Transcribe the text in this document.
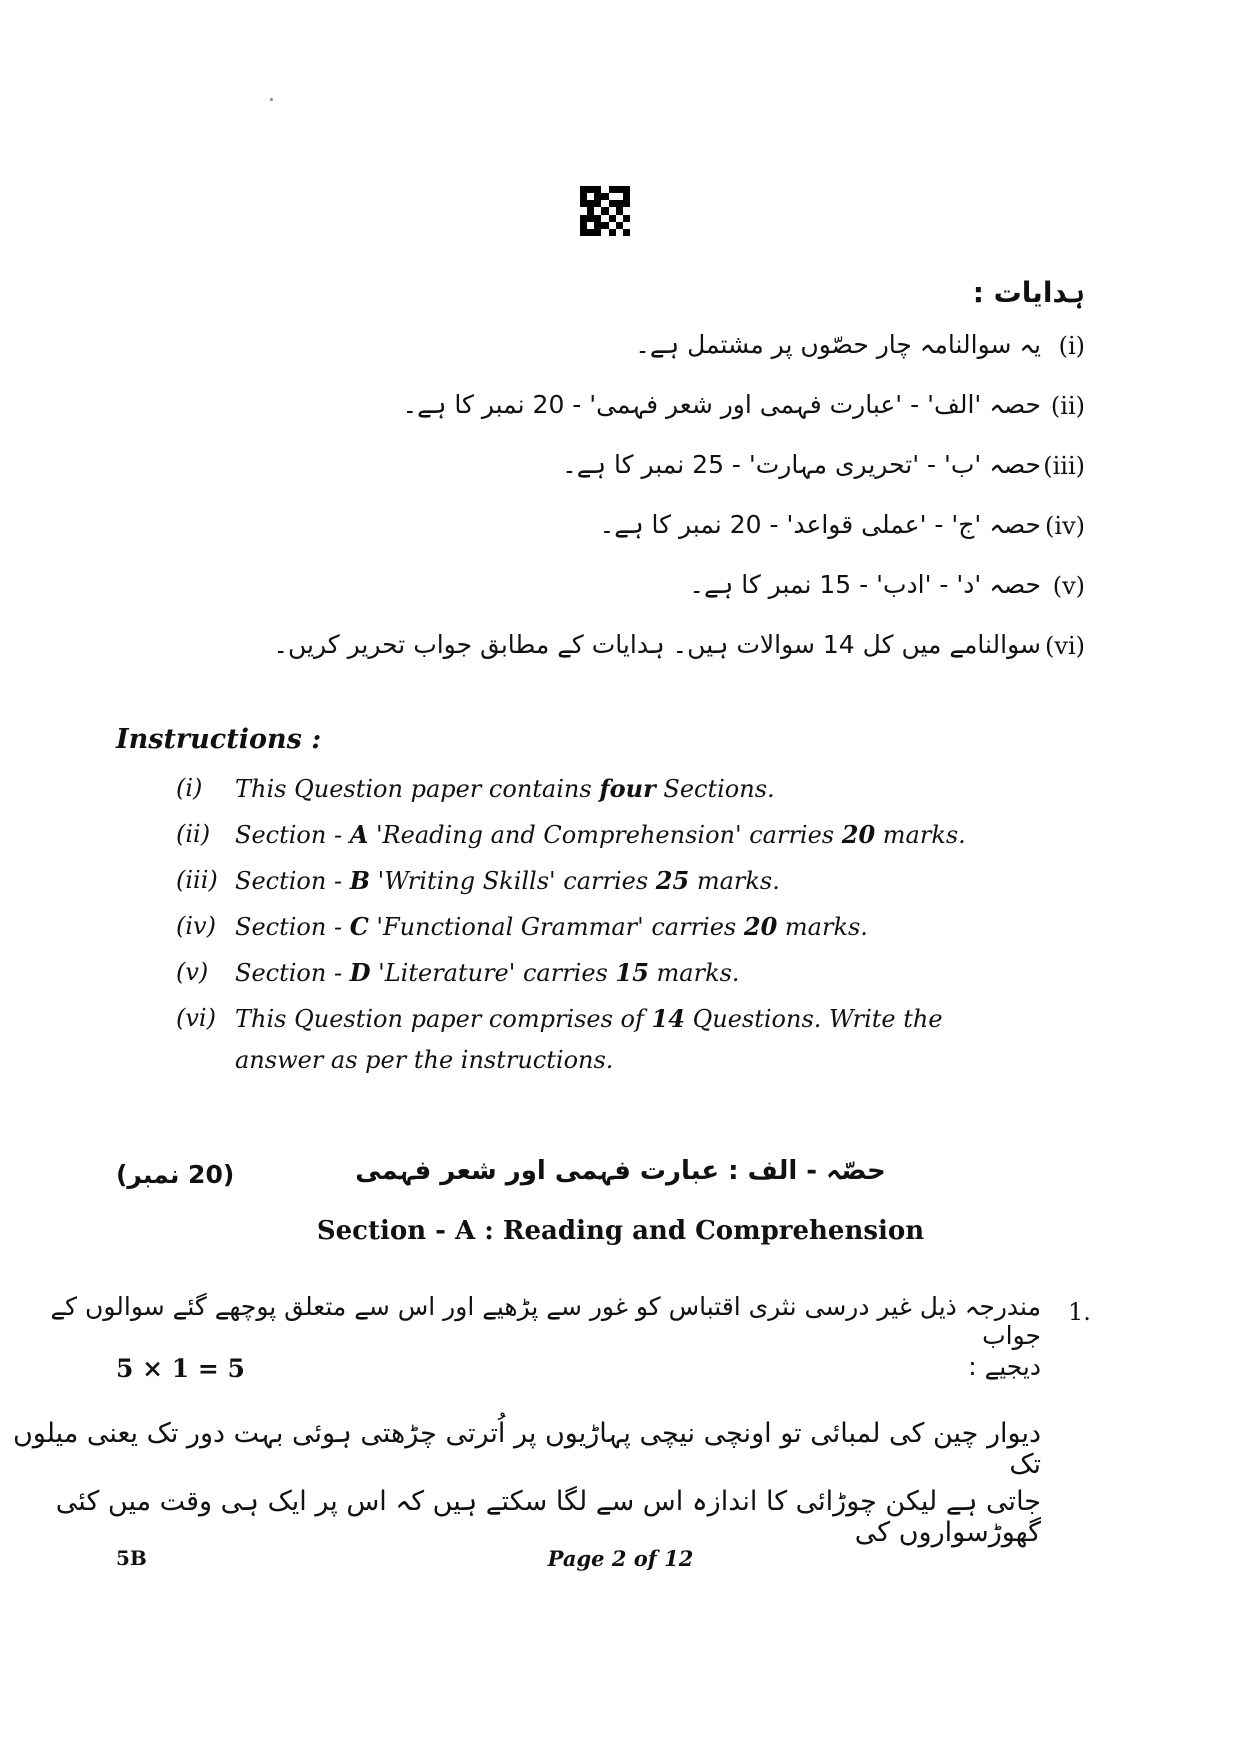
ہدایات :
(i)
یہ سوالنامہ چار حصّوں پر مشتمل ہے۔
(ii)
حصہ 'الف' - 'عبارت فہمی اور شعر فہمی' - 20 نمبر کا ہے۔
(iii)
حصہ 'ب' - 'تحریری مہارت' - 25 نمبر کا ہے۔
(iv)
حصہ 'ج' - 'عملی قواعد' - 20 نمبر کا ہے۔
(v)
حصہ 'د' - 'ادب' - 15 نمبر کا ہے۔
(vi)
سوالنامے میں کل 14 سوالات ہیں۔ ہدایات کے مطابق جواب تحریر کریں۔
Instructions :
(i) This Question paper contains four Sections.
(ii) Section - A 'Reading and Comprehension' carries 20 marks.
(iii) Section - B 'Writing Skills' carries 25 marks.
(iv) Section - C 'Functional Grammar' carries 20 marks.
(v) Section - D 'Literature' carries 15 marks.
(vi) This Question paper comprises of 14 Questions. Write the
answer as per the instructions.
(20 نمبر)	حصّہ - الف : عبارت فہمی اور شعر فہمی
Section - A : Reading and Comprehension
1.
مندرجہ ذیل غیر درسی نثری اقتباس کو غور سے پڑھیے اور اس سے متعلق پوچھے گئے سوالوں کے جواب
دیجیے :
5 × 1 = 5
دیوار چین کی لمبائی تو اونچی نیچی پہاڑیوں پر اُترتی چڑھتی ہوئی بہت دور تک یعنی میلوں تک
جاتی ہے لیکن چوڑائی کا اندازہ اس سے لگا سکتے ہیں کہ اس پر ایک ہی وقت میں کئی گھوڑسواروں کی
5B	Page 2 of 12
